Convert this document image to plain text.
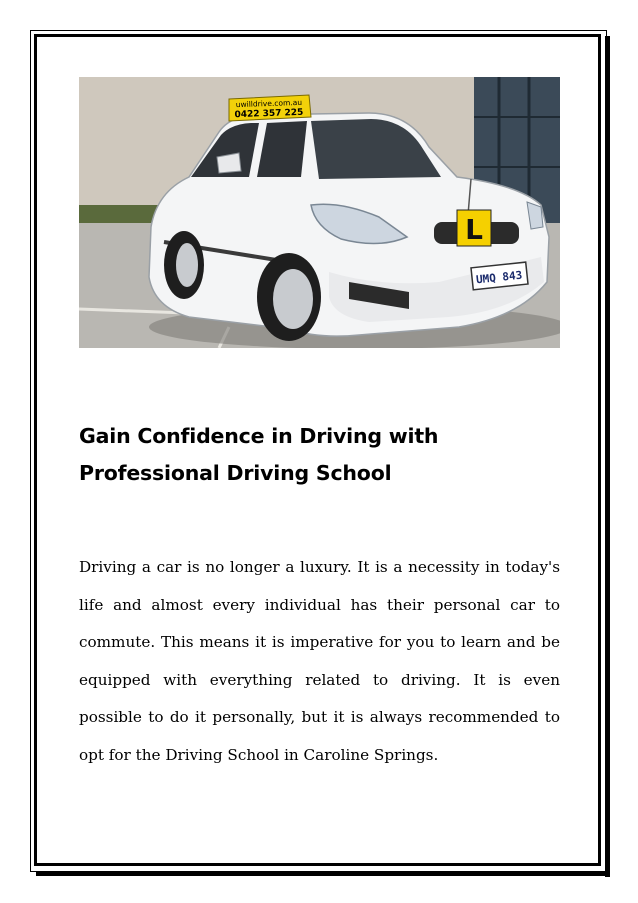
uwilldrive.com.au
0422 357 225
L
UMQ 843
Gain Confidence in Driving with Professional Driving School

Driving a car is no longer a luxury. It is a necessity in today's life and almost every individual has their personal car to commute. This means it is imperative for you to learn and be equipped with everything related to driving. It is even possible to do it personally, but it is always recommended to opt for the Driving School in Caroline Springs.
